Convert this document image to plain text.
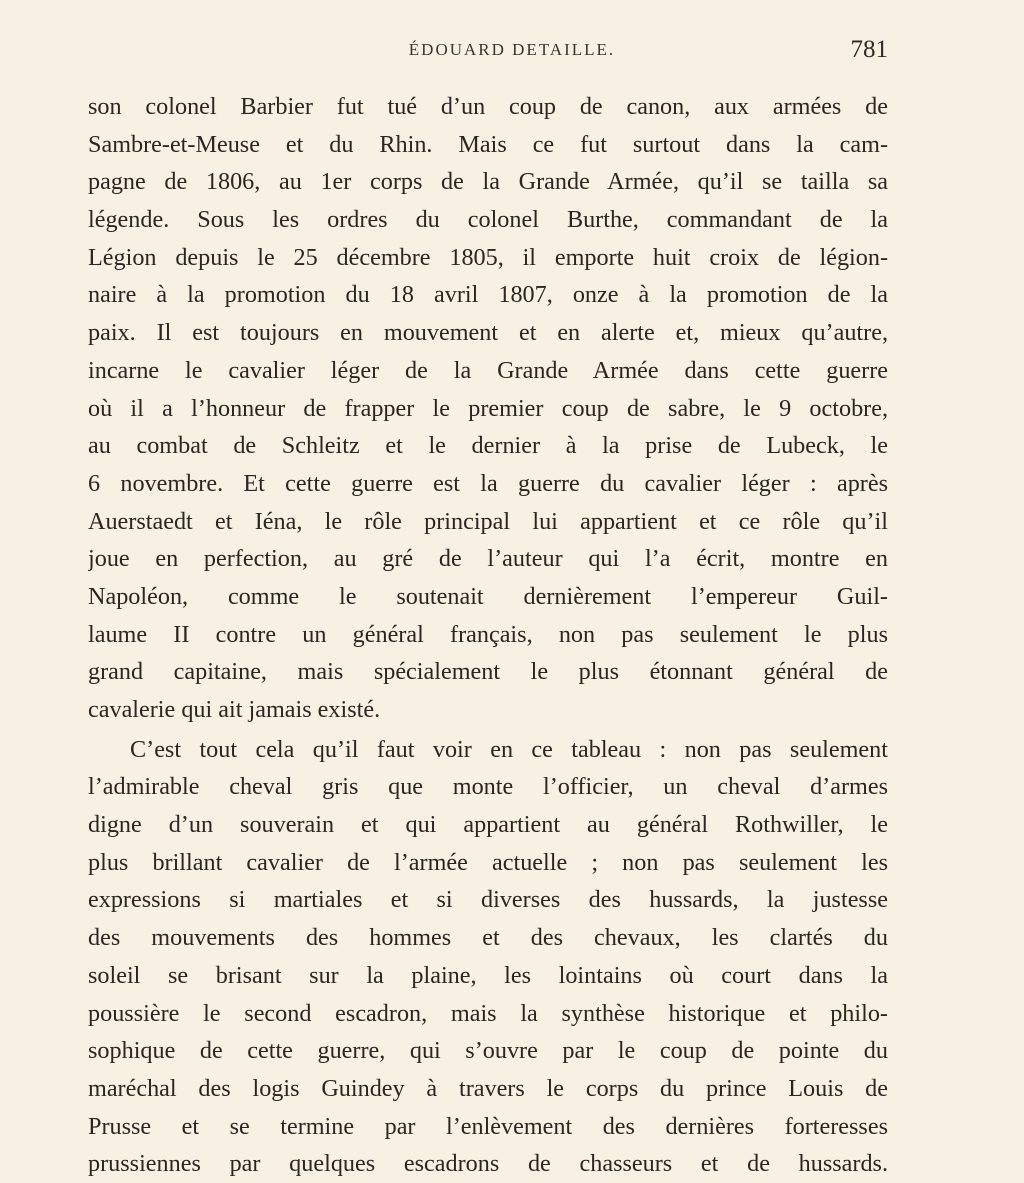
ÉDOUARD DETAILLE.	781
son colonel Barbier fut tué d’un coup de canon, aux armées de
Sambre-et-Meuse et du Rhin. Mais ce fut surtout dans la cam-
pagne de 1806, au 1er corps de la Grande Armée, qu’il se tailla sa
légende. Sous les ordres du colonel Burthe, commandant de la
Légion depuis le 25 décembre 1805, il emporte huit croix de légion-
naire à la promotion du 18 avril 1807, onze à la promotion de la
paix. Il est toujours en mouvement et en alerte et, mieux qu’autre,
incarne le cavalier léger de la Grande Armée dans cette guerre
où il a l’honneur de frapper le premier coup de sabre, le 9 octobre,
au combat de Schleitz et le dernier à la prise de Lubeck, le
6 novembre. Et cette guerre est la guerre du cavalier léger : après
Auerstaedt et Iéna, le rôle principal lui appartient et ce rôle qu’il
joue en perfection, au gré de l’auteur qui l’a écrit, montre en
Napoléon, comme le soutenait dernièrement l’empereur Guil-
laume II contre un général français, non pas seulement le plus
grand capitaine, mais spécialement le plus étonnant général de
cavalerie qui ait jamais existé.
C’est tout cela qu’il faut voir en ce tableau : non pas seulement
l’admirable cheval gris que monte l’officier, un cheval d’armes
digne d’un souverain et qui appartient au général Rothwiller, le
plus brillant cavalier de l’armée actuelle ; non pas seulement les
expressions si martiales et si diverses des hussards, la justesse
des mouvements des hommes et des chevaux, les clartés du
soleil se brisant sur la plaine, les lointains où court dans la
poussière le second escadron, mais la synthèse historique et philo-
sophique de cette guerre, qui s’ouvre par le coup de pointe du
maréchal des logis Guindey à travers le corps du prince Louis de
Prusse et se termine par l’enlèvement des dernières forteresses
prussiennes par quelques escadrons de chasseurs et de hussards.
